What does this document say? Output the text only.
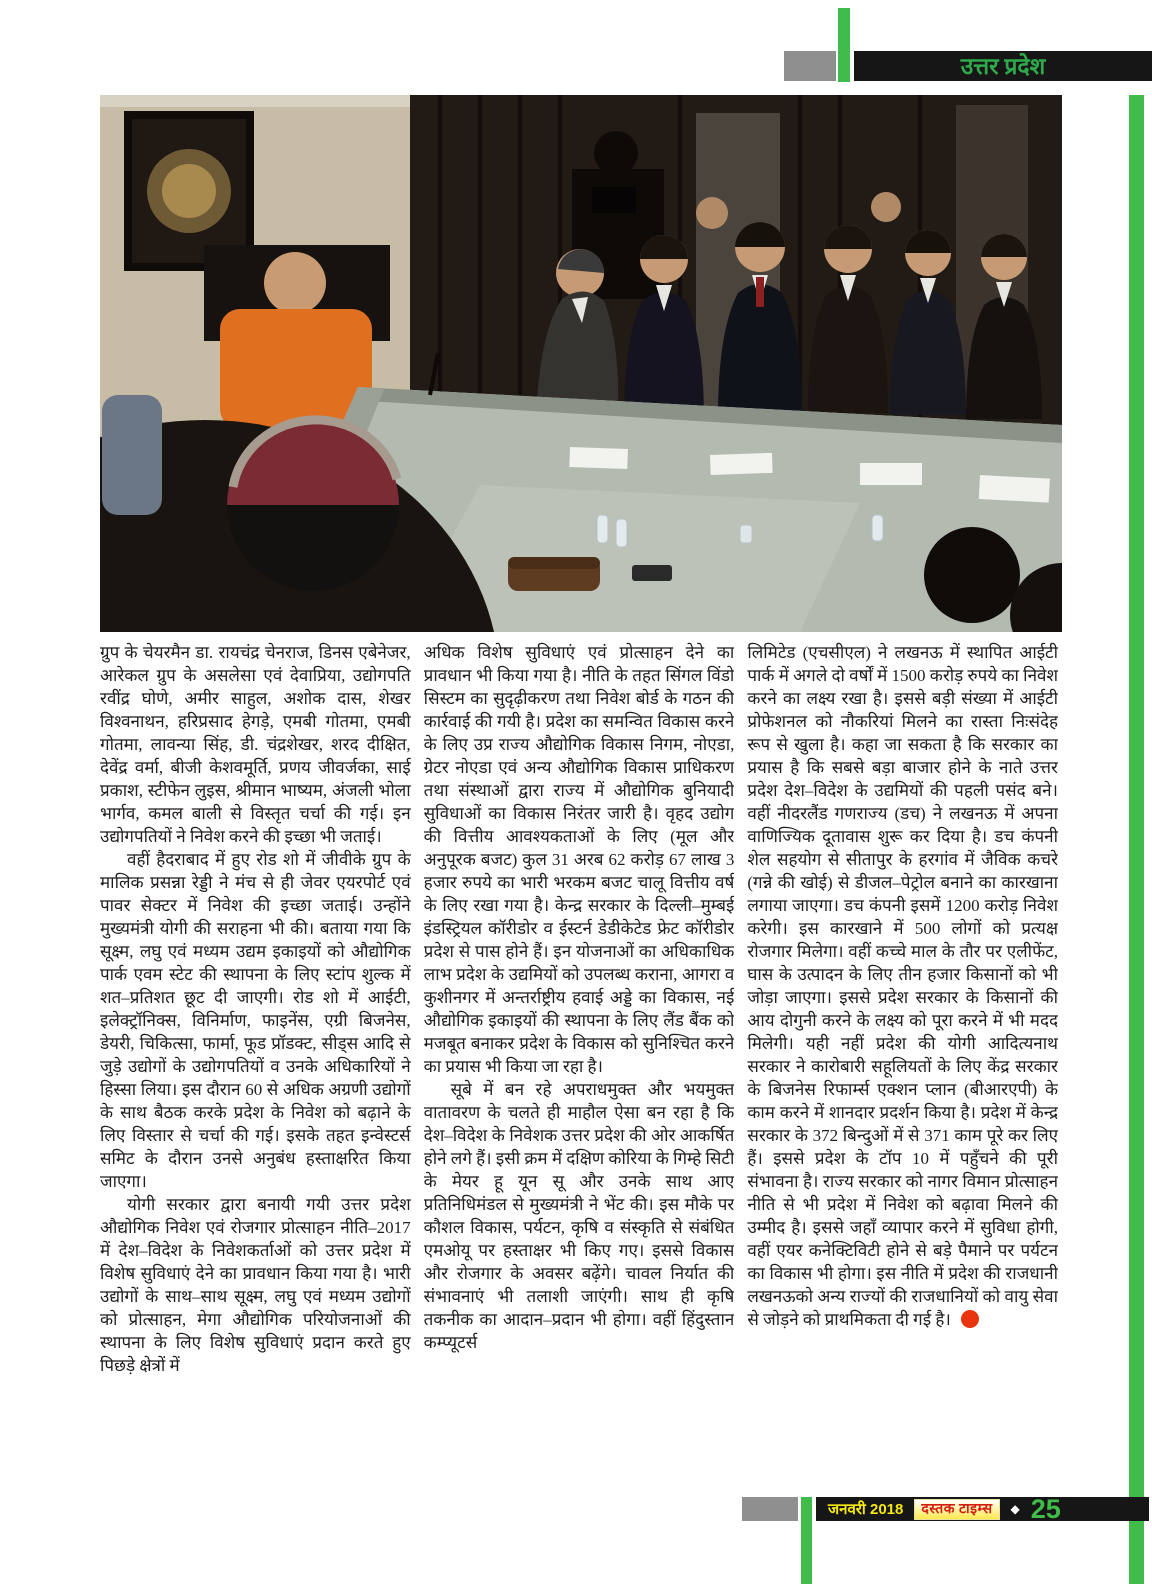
उत्तर प्रदेश

ग्रुप के चेयरमैन डा. रायचंद्र चेनराज, डिनस एबेनेजर, आरेकल ग्रुप के असलेसा एवं देवाप्रिया, उद्योगपति रवींद्र घोणे, अमीर साहुल, अशोक दास, शेखर विश्वनाथन, हरिप्रसाद हेगड़े, एमबी गोतमा, एमबी गोतमा, लावन्या सिंह, डी. चंद्रशेखर, शरद दीक्षित, देवेंद्र वर्मा, बीजी केशवमूर्ति, प्रणय जीवर्जका, साई प्रकाश, स्टीफेन लुइस, श्रीमान भाष्यम, अंजली भोला भार्गव, कमल बाली से विस्तृत चर्चा की गई। इन उद्योगपतियों ने निवेश करने की इच्छा भी जताई।

वहीं हैदराबाद में हुए रोड शो में जीवीके ग्रुप के मालिक प्रसन्ना रेड्डी ने मंच से ही जेवर एयरपोर्ट एवं पावर सेक्टर में निवेश की इच्छा जताई। उन्होंने मुख्यमंत्री योगी की सराहना भी की। बताया गया कि सूक्ष्म, लघु एवं मध्यम उद्यम इकाइयों को औद्योगिक पार्क एवम स्टेट की स्थापना के लिए स्टांप शुल्क में शत–प्रतिशत छूट दी जाएगी। रोड शो में आईटी, इलेक्ट्रॉनिक्स, विनिर्माण, फाइनेंस, एग्री बिजनेस, डेयरी, चिकित्सा, फार्मा, फूड प्रॉडक्ट, सीड्स आदि से जुड़े उद्योगों के उद्योगपतियों व उनके अधिकारियों ने हिस्सा लिया। इस दौरान 60 से अधिक अग्रणी उद्योगों के साथ बैठक करके प्रदेश के निवेश को बढ़ाने के लिए विस्तार से चर्चा की गई। इसके तहत इन्वेस्टर्स समिट के दौरान उनसे अनुबंध हस्ताक्षरित किया जाएगा।

योगी सरकार द्वारा बनायी गयी उत्तर प्रदेश औद्योगिक निवेश एवं रोजगार प्रोत्साहन नीति–2017 में देश–विदेश के निवेशकर्ताओं को उत्तर प्रदेश में विशेष सुविधाएं देने का प्रावधान किया गया है। भारी उद्योगों के साथ–साथ सूक्ष्म, लघु एवं मध्यम उद्योगों को प्रोत्साहन, मेगा औद्योगिक परियोजनाओं की स्थापना के लिए विशेष सुविधाएं प्रदान करते हुए पिछड़े क्षेत्रों में

अधिक विशेष सुविधाएं एवं प्रोत्साहन देने का प्रावधान भी किया गया है। नीति के तहत सिंगल विंडो सिस्टम का सुदृढ़ीकरण तथा निवेश बोर्ड के गठन की कार्रवाई की गयी है। प्रदेश का समन्वित विकास करने के लिए उप्र राज्य औद्योगिक विकास निगम, नोएडा, ग्रेटर नोएडा एवं अन्य औद्योगिक विकास प्राधिकरण तथा संस्थाओं द्वारा राज्य में औद्योगिक बुनियादी सुविधाओं का विकास निरंतर जारी है। वृहद उद्योग की वित्तीय आवश्यकताओं के लिए (मूल और अनुपूरक बजट) कुल 31 अरब 62 करोड़ 67 लाख 3 हजार रुपये का भारी भरकम बजट चालू वित्तीय वर्ष के लिए रखा गया है। केन्द्र सरकार के दिल्ली–मुम्बई इंडस्ट्रियल कॉरीडोर व ईस्टर्न डेडीकेटेड फ्रेट कॉरीडोर प्रदेश से पास होने हैं। इन योजनाओं का अधिकाधिक लाभ प्रदेश के उद्यमियों को उपलब्ध कराना, आगरा व कुशीनगर में अन्तर्राष्ट्रीय हवाई अड्डे का विकास, नई औद्योगिक इकाइयों की स्थापना के लिए लैंड बैंक को मजबूत बनाकर प्रदेश के विकास को सुनिश्चित करने का प्रयास भी किया जा रहा है।

सूबे में बन रहे अपराधमुक्त और भयमुक्त वातावरण के चलते ही माहौल ऐसा बन रहा है कि देश–विदेश के निवेशक उत्तर प्रदेश की ओर आकर्षित होने लगे हैं। इसी क्रम में दक्षिण कोरिया के गिम्हे सिटी के मेयर हू यून सू और उनके साथ आए प्रतिनिधिमंडल से मुख्यमंत्री ने भेंट की। इस मौके पर कौशल विकास, पर्यटन, कृषि व संस्कृति से संबंधित एमओयू पर हस्ताक्षर भी किए गए। इससे विकास और रोजगार के अवसर बढ़ेंगे। चावल निर्यात की संभावनाएं भी तलाशी जाएंगी। साथ ही कृषि तकनीक का आदान–प्रदान भी होगा। वहीं हिंदुस्तान कम्प्यूटर्स

लिमिटेड (एचसीएल) ने लखनऊ में स्थापित आईटी पार्क में अगले दो वर्षों में 1500 करोड़ रुपये का निवेश करने का लक्ष्य रखा है। इससे बड़ी संख्या में आईटी प्रोफेशनल को नौकरियां मिलने का रास्ता निःसंदेह रूप से खुला है। कहा जा सकता है कि सरकार का प्रयास है कि सबसे बड़ा बाजार होने के नाते उत्तर प्रदेश देश–विदेश के उद्यमियों की पहली पसंद बने। वहीं नीदरलैंड गणराज्य (डच) ने लखनऊ में अपना वाणिज्यिक दूतावास शुरू कर दिया है। डच कंपनी शेल सहयोग से सीतापुर के हरगांव में जैविक कचरे (गन्ने की खोई) से डीजल–पेट्रोल बनाने का कारखाना लगाया जाएगा। डच कंपनी इसमें 1200 करोड़ निवेश करेगी। इस कारखाने में 500 लोगों को प्रत्यक्ष रोजगार मिलेगा। वहीं कच्चे माल के तौर पर एलीफेंट, घास के उत्पादन के लिए तीन हजार किसानों को भी जोड़ा जाएगा। इससे प्रदेश सरकार के किसानों की आय दोगुनी करने के लक्ष्य को पूरा करने में भी मदद मिलेगी। यही नहीं प्रदेश की योगी आदित्यनाथ सरकार ने कारोबारी सहूलियतों के लिए केंद्र सरकार के बिजनेस रिफार्म्स एक्शन प्लान (बीआरएपी) के काम करने में शानदार प्रदर्शन किया है। प्रदेश में केन्द्र सरकार के 372 बिन्दुओं में से 371 काम पूरे कर लिए हैं। इससे प्रदेश के टॉप 10 में पहुँचने की पूरी संभावना है। राज्य सरकार को नागर विमान प्रोत्साहन नीति से भी प्रदेश में निवेश को बढ़ावा मिलने की उम्मीद है। इससे जहाँ व्यापार करने में सुविधा होगी, वहीं एयर कनेक्टिविटी होने से बड़े पैमाने पर पर्यटन का विकास भी होगा। इस नीति में प्रदेश की राजधानी लखनऊको अन्य राज्यों की राजधानियों को वायु सेवा से जोड़ने को प्राथमिकता दी गई है।

जनवरी 2018	दस्तक टाइम्स	◆ 25
